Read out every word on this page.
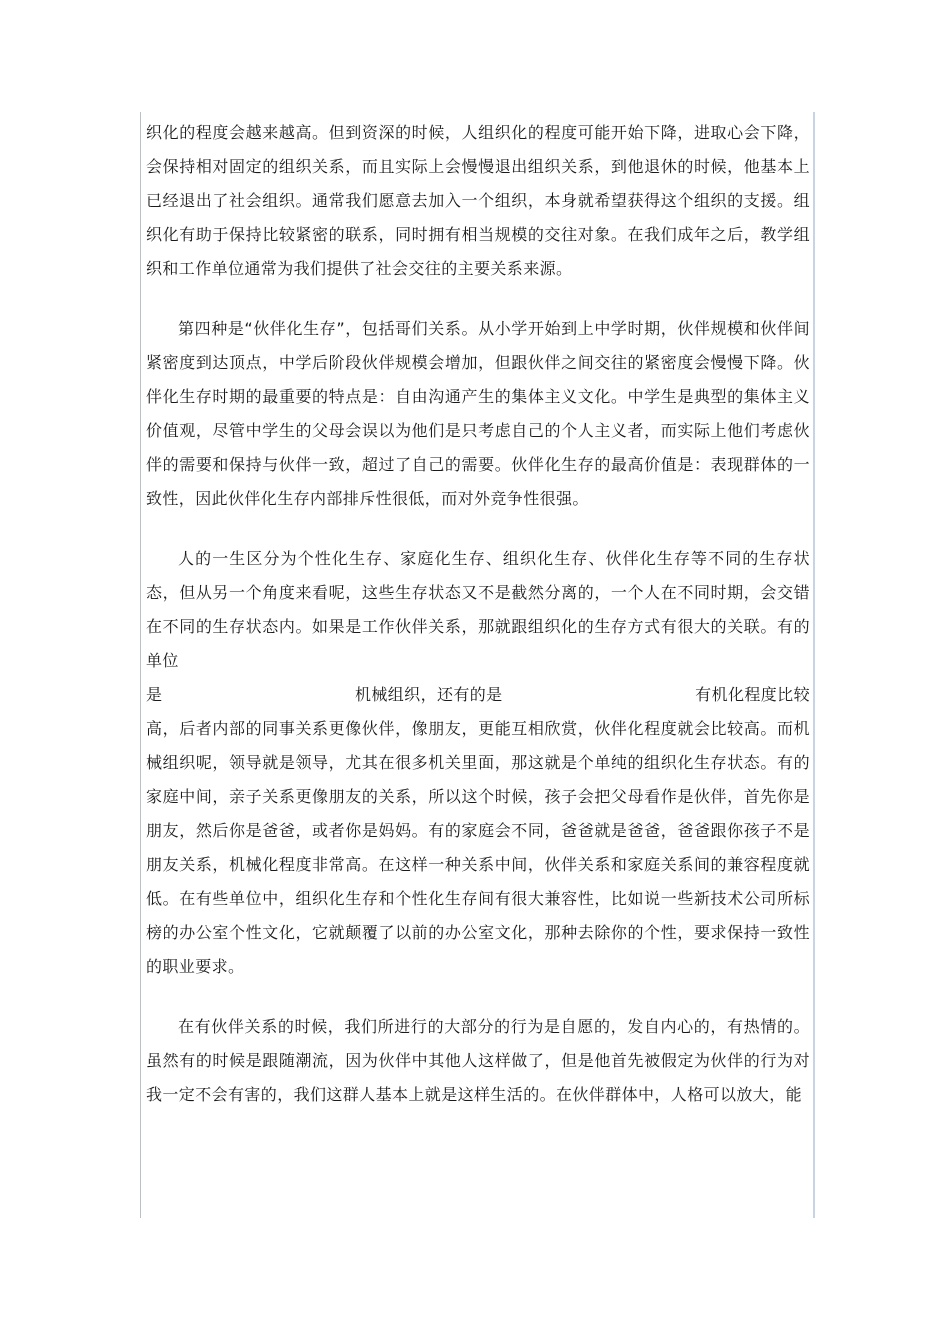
织化的程度会越来越高。但到资深的时候，人组织化的程度可能开始下降，进取心会下降，会保持相对固定的组织关系，而且实际上会慢慢退出组织关系，到他退休的时候，他基本上已经退出了社会组织。通常我们愿意去加入一个组织，本身就希望获得这个组织的支援。组织化有助于保持比较紧密的联系，同时拥有相当规模的交往对象。在我们成年之后，教学组织和工作单位通常为我们提供了社会交往的主要关系来源。

第四种是“伙伴化生存”，包括哥们关系。从小学开始到上中学时期，伙伴规模和伙伴间紧密度到达顶点，中学后阶段伙伴规模会增加，但跟伙伴之间交往的紧密度会慢慢下降。伙伴化生存时期的最重要的特点是：自由沟通产生的集体主义文化。中学生是典型的集体主义价值观，尽管中学生的父母会误以为他们是只考虑自己的个人主义者，而实际上他们考虑伙伴的需要和保持与伙伴一致，超过了自己的需要。伙伴化生存的最高价值是：表现群体的一致性，因此伙伴化生存内部排斥性很低，而对外竞争性很强。

人的一生区分为个性化生存、家庭化生存、组织化生存、伙伴化生存等不同的生存状态，但从另一个角度来看呢，这些生存状态又不是截然分离的，一个人在不同时期，会交错在不同的生存状态内。如果是工作伙伴关系，那就跟组织化的生存方式有很大的关联。有的单位

是	机械组织，还有的是	有机化程度比较

高，后者内部的同事关系更像伙伴，像朋友，更能互相欣赏，伙伴化程度就会比较高。而机械组织呢，领导就是领导，尤其在很多机关里面，那这就是个单纯的组织化生存状态。有的家庭中间，亲子关系更像朋友的关系，所以这个时候，孩子会把父母看作是伙伴，首先你是朋友，然后你是爸爸，或者你是妈妈。有的家庭会不同，爸爸就是爸爸，爸爸跟你孩子不是朋友关系，机械化程度非常高。在这样一种关系中间，伙伴关系和家庭关系间的兼容程度就低。在有些单位中，组织化生存和个性化生存间有很大兼容性，比如说一些新技术公司所标榜的办公室个性文化，它就颠覆了以前的办公室文化，那种去除你的个性，要求保持一致性的职业要求。

在有伙伴关系的时候，我们所进行的大部分的行为是自愿的，发自内心的，有热情的。虽然有的时候是跟随潮流，因为伙伴中其他人这样做了，但是他首先被假定为伙伴的行为对我一定不会有害的，我们这群人基本上就是这样生活的。在伙伴群体中，人格可以放大，能
